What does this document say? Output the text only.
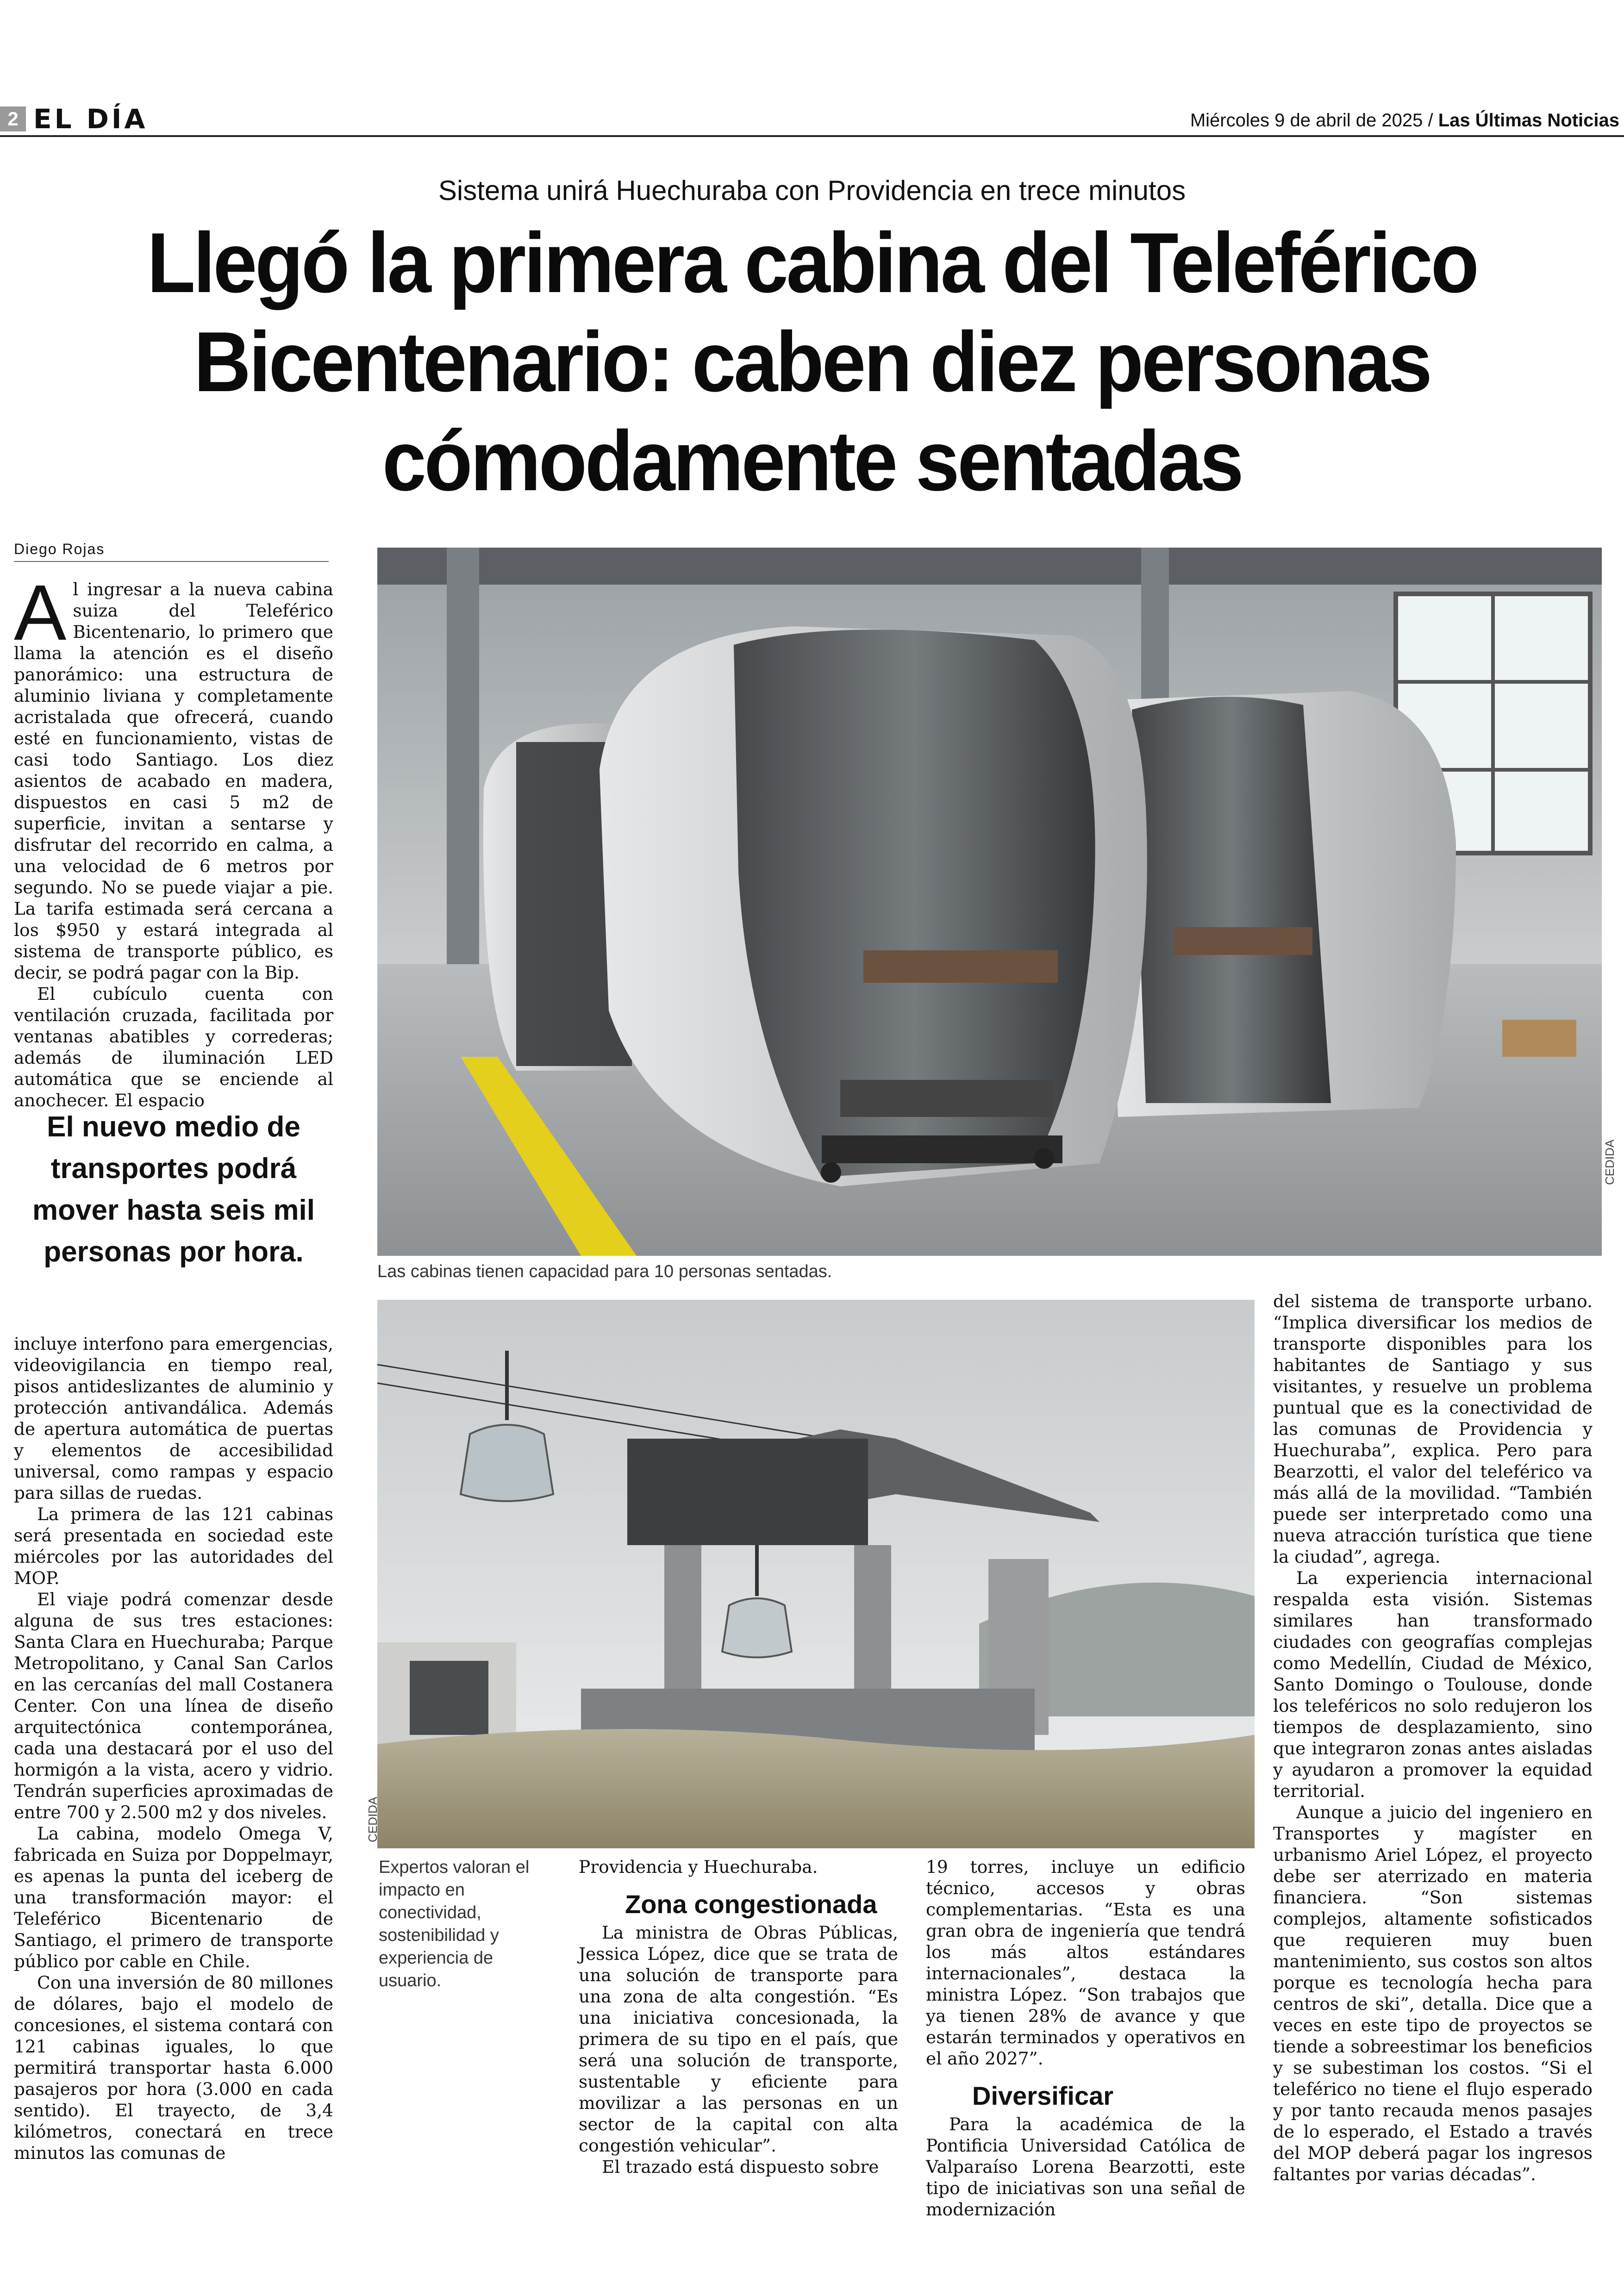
2 EL DÍA	Miércoles 9 de abril de 2025 / Las Últimas Noticias
Sistema unirá Huechuraba con Providencia en trece minutos
Llegó la primera cabina del Teleférico Bicentenario: caben diez personas cómodamente sentadas
Diego Rojas

Al ingresar a la nueva cabina suiza del Teleférico Bicentenario, lo primero que llama la atención es el diseño panorámico: una estructura de aluminio liviana y completamente acristalada que ofrecerá, cuando esté en funcionamiento, vistas de casi todo Santiago. Los diez asientos de acabado en madera, dispuestos en casi 5 m2 de superficie, invitan a sentarse y disfrutar del recorrido en calma, a una velocidad de 6 metros por segundo. No se puede viajar a pie. La tarifa estimada será cercana a los $950 y estará integrada al sistema de transporte público, es decir, se podrá pagar con la Bip.

El cubículo cuenta con ventilación cruzada, facilitada por ventanas abatibles y correderas; además de iluminación LED automática que se enciende al anochecer. El espacio

El nuevo medio de transportes podrá mover hasta seis mil personas por hora.

incluye interfono para emergencias, videovigilancia en tiempo real, pisos antideslizantes de aluminio y protección antivandálica. Además de apertura automática de puertas y elementos de accesibilidad universal, como rampas y espacio para sillas de ruedas.

La primera de las 121 cabinas será presentada en sociedad este miércoles por las autoridades del MOP.

El viaje podrá comenzar desde alguna de sus tres estaciones: Santa Clara en Huechuraba; Parque Metropolitano, y Canal San Carlos en las cercanías del mall Costanera Center. Con una línea de diseño arquitectónica contemporánea, cada una destacará por el uso del hormigón a la vista, acero y vidrio. Tendrán superficies aproximadas de entre 700 y 2.500 m2 y dos niveles.

La cabina, modelo Omega V, fabricada en Suiza por Doppelmayr, es apenas la punta del iceberg de una transformación mayor: el Teleférico Bicentenario de Santiago, el primero de transporte público por cable en Chile.

Con una inversión de 80 millones de dólares, bajo el modelo de concesiones, el sistema contará con 121 cabinas iguales, lo que permitirá transportar hasta 6.000 pasajeros por hora (3.000 en cada sentido). El trayecto, de 3,4 kilómetros, conectará en trece minutos las comunas de

CEDIDA
Las cabinas tienen capacidad para 10 personas sentadas.
CEDIDA
Expertos valoran el impacto en conectividad, sostenibilidad y experiencia de usuario.

Providencia y Huechuraba.

Zona congestionada

La ministra de Obras Públicas, Jessica López, dice que se trata de una solución de transporte para una zona de alta congestión. “Es una iniciativa concesionada, la primera de su tipo en el país, que será una solución de transporte, sustentable y eficiente para movilizar a las personas en un sector de la capital con alta congestión vehicular”.

El trazado está dispuesto sobre

19 torres, incluye un edificio técnico, accesos y obras complementarias. “Esta es una gran obra de ingeniería que tendrá los más altos estándares internacionales”, destaca la ministra López. “Son trabajos que ya tienen 28% de avance y que estarán terminados y operativos en el año 2027”.

Diversificar

Para la académica de la Pontificia Universidad Católica de Valparaíso Lorena Bearzotti, este tipo de iniciativas son una señal de modernización

del sistema de transporte urbano. “Implica diversificar los medios de transporte disponibles para los habitantes de Santiago y sus visitantes, y resuelve un problema puntual que es la conectividad de las comunas de Providencia y Huechuraba”, explica. Pero para Bearzotti, el valor del teleférico va más allá de la movilidad. “También puede ser interpretado como una nueva atracción turística que tiene la ciudad”, agrega.

La experiencia internacional respalda esta visión. Sistemas similares han transformado ciudades con geografías complejas como Medellín, Ciudad de México, Santo Domingo o Toulouse, donde los teleféricos no solo redujeron los tiempos de desplazamiento, sino que integraron zonas antes aisladas y ayudaron a promover la equidad territorial.

Aunque a juicio del ingeniero en Transportes y magíster en urbanismo Ariel López, el proyecto debe ser aterrizado en materia financiera. “Son sistemas complejos, altamente sofisticados que requieren muy buen mantenimiento, sus costos son altos porque es tecnología hecha para centros de ski”, detalla. Dice que a veces en este tipo de proyectos se tiende a sobreestimar los beneficios y se subestiman los costos. “Si el teleférico no tiene el flujo esperado y por tanto recauda menos pasajes de lo esperado, el Estado a través del MOP deberá pagar los ingresos faltantes por varias décadas”.
